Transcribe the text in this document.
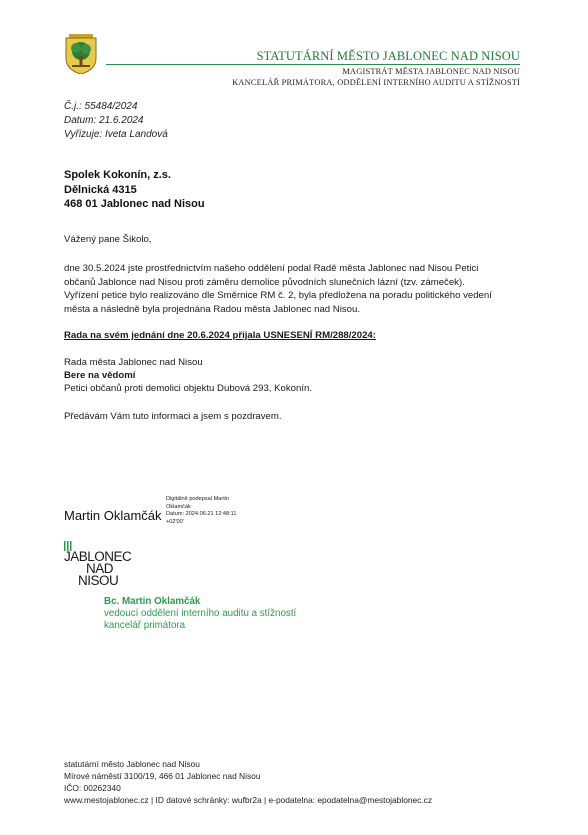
STATUTÁRNÍ MĚSTO JABLONEC NAD NISOU
MAGISTRÁT MĚSTA JABLONEC NAD NISOU
KANCELÁŘ PRIMÁTORA, ODDĚLENÍ INTERNÍHO AUDITU A STÍŽNOSTÍ
Č.j.: 55484/2024
Datum: 21.6.2024
Vyřizuje: Iveta Landová
Spolek Kokonín, z.s.
Dělnická 4315
468 01 Jablonec nad Nisou
Vážený pane Šikolo,
dne 30.5.2024 jste prostřednictvím našeho oddělení podal Radě města Jablonec nad Nisou Petici
občanů Jablonce nad Nisou proti záměru demolice původních slunečních lázní (tzv. zámeček).
Vyřízení petice bylo realizováno dle Směrnice RM č. 2, byla předložena na poradu politického vedení
města a následně byla projednána Radou města Jablonec nad Nisou.
Rada na svém jednání dne 20.6.2024 přijala USNESENÍ RM/288/2024:
Rada města Jablonec nad Nisou
Bere na vědomí
Petici občanů proti demolici objektu Dubová 293, Kokonín.
Předávám Vám tuto informaci a jsem s pozdravem.
Martin Oklamčák
Digitálně podepsal Martin
Oklamčák
Datum: 2024.06.21 12:48:11
+02'00'
JABLONEC
NAD
NISOU
Bc. Martin Oklamčák
vedoucí oddělení interního auditu a stížností
kancelář primátora
statutární město Jablonec nad Nisou
Mírové náměstí 3100/19, 466 01 Jablonec nad Nisou
IČO: 00262340
www.mestojablonec.cz | ID datové schránky: wufbr2a | e-podatelna: epodatelna@mestojablonec.cz
